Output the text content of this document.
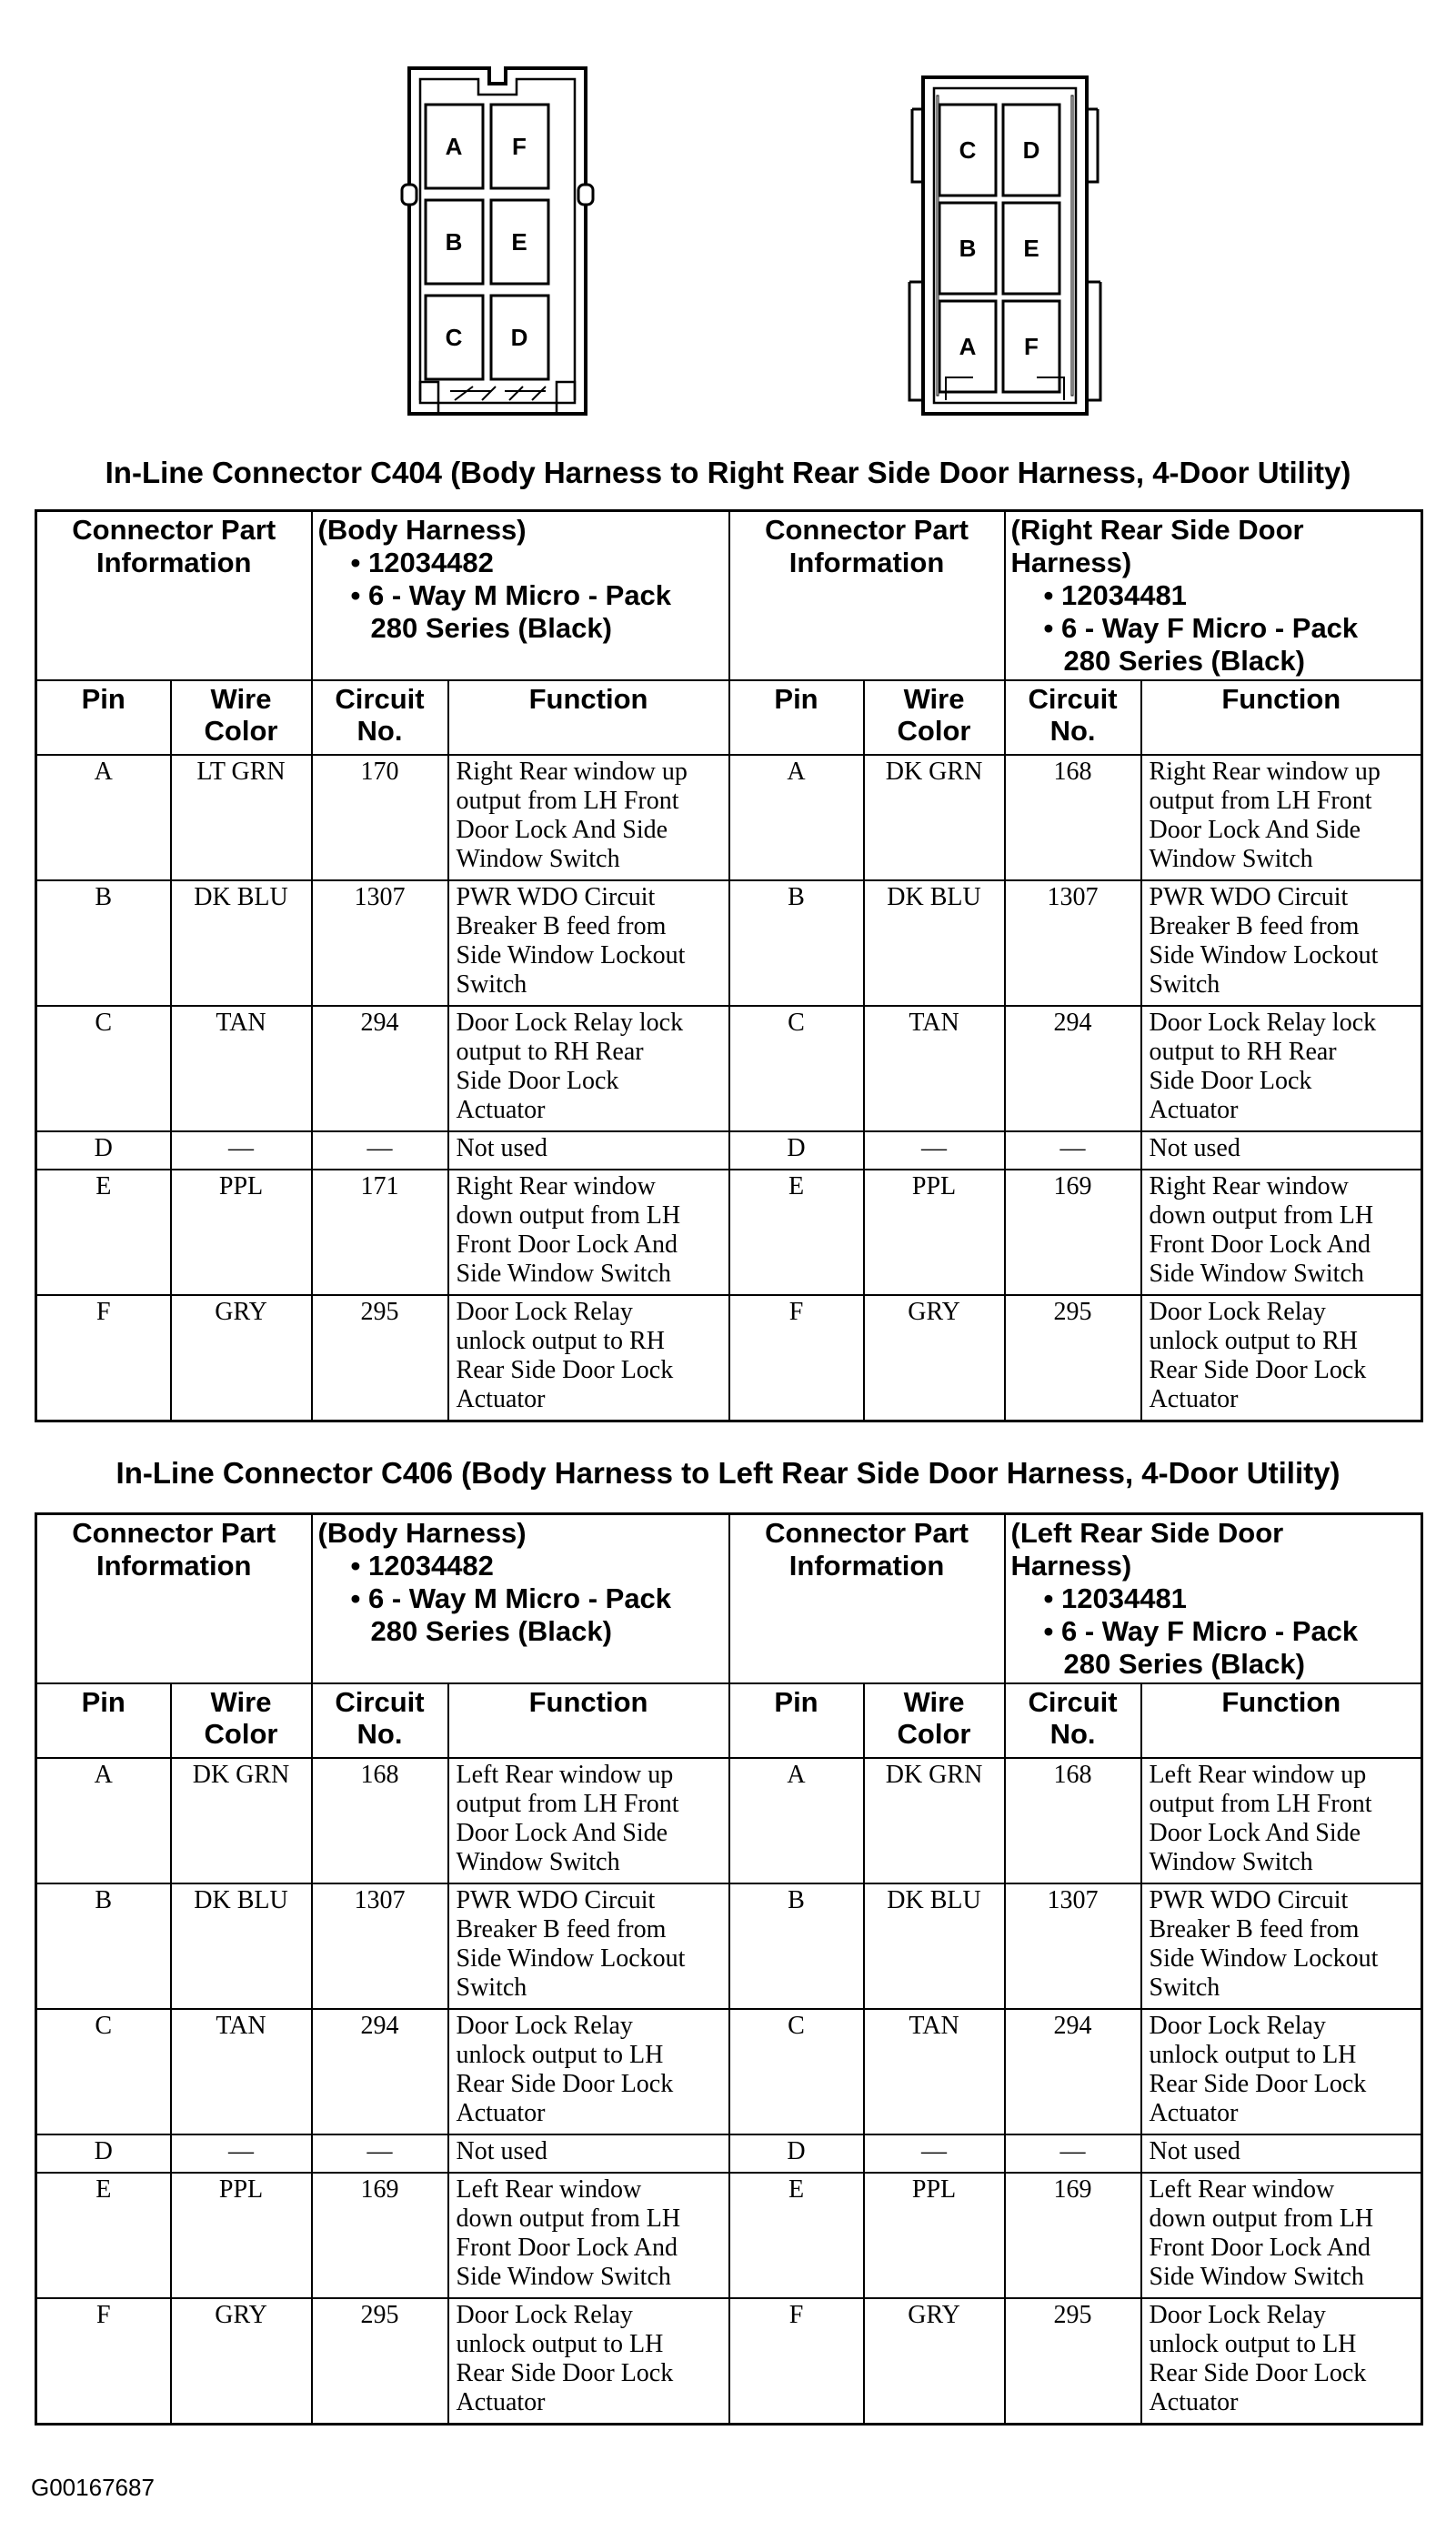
A F
B E
C D
C D
B E
A F
In-Line Connector C404 (Body Harness to Right Rear Side Door Harness, 4-Door Utility)
Connector Part
Information		(Body Harness)
• 12034482
• 6 - Way M Micro - Pack
280 Series (Black)		Connector Part
Information		(Right Rear Side Door
Harness)
• 12034481
• 6 - Way F Micro - Pack
280 Series (Black)	

Pin	Wire
Color	Circuit
No.	Function	Pin	Wire
Color	Circuit
No.	Function
A	LT GRN	170	Right Rear window up
output from LH Front
Door Lock And Side
Window Switch	A	DK GRN	168	Right Rear window up
output from LH Front
Door Lock And Side
Window Switch

B	DK BLU	1307	PWR WDO Circuit
Breaker B feed from
Side Window Lockout
Switch	B	DK BLU	1307	PWR WDO Circuit
Breaker B feed from
Side Window Lockout
Switch

C	TAN	294	Door Lock Relay lock
output to RH Rear
Side Door Lock
Actuator	C	TAN	294	Door Lock Relay lock
output to RH Rear
Side Door Lock
Actuator

D	—	—	Not used	D	—	—	Not used

E	PPL	171	Right Rear window
down output from LH
Front Door Lock And
Side Window Switch	E	PPL	169	Right Rear window
down output from LH
Front Door Lock And
Side Window Switch

F	GRY	295	Door Lock Relay
unlock output to RH
Rear Side Door Lock
Actuator	F	GRY	295	Door Lock Relay
unlock output to RH
Rear Side Door Lock
Actuator
In-Line Connector C406 (Body Harness to Left Rear Side Door Harness, 4-Door Utility)
Connector Part
Information		(Body Harness)
• 12034482
• 6 - Way M Micro - Pack
280 Series (Black)		Connector Part
Information		(Left Rear Side Door
Harness)
• 12034481
• 6 - Way F Micro - Pack
280 Series (Black)	

Pin	Wire
Color	Circuit
No.	Function	Pin	Wire
Color	Circuit
No.	Function
A	DK GRN	168	Left Rear window up
output from LH Front
Door Lock And Side
Window Switch	A	DK GRN	168	Left Rear window up
output from LH Front
Door Lock And Side
Window Switch

B	DK BLU	1307	PWR WDO Circuit
Breaker B feed from
Side Window Lockout
Switch	B	DK BLU	1307	PWR WDO Circuit
Breaker B feed from
Side Window Lockout
Switch

C	TAN	294	Door Lock Relay
unlock output to LH
Rear Side Door Lock
Actuator	C	TAN	294	Door Lock Relay
unlock output to LH
Rear Side Door Lock
Actuator

D	—	—	Not used	D	—	—	Not used

E	PPL	169	Left Rear window
down output from LH
Front Door Lock And
Side Window Switch	E	PPL	169	Left Rear window
down output from LH
Front Door Lock And
Side Window Switch

F	GRY	295	Door Lock Relay
unlock output to LH
Rear Side Door Lock
Actuator	F	GRY	295	Door Lock Relay
unlock output to LH
Rear Side Door Lock
Actuator
G00167687
